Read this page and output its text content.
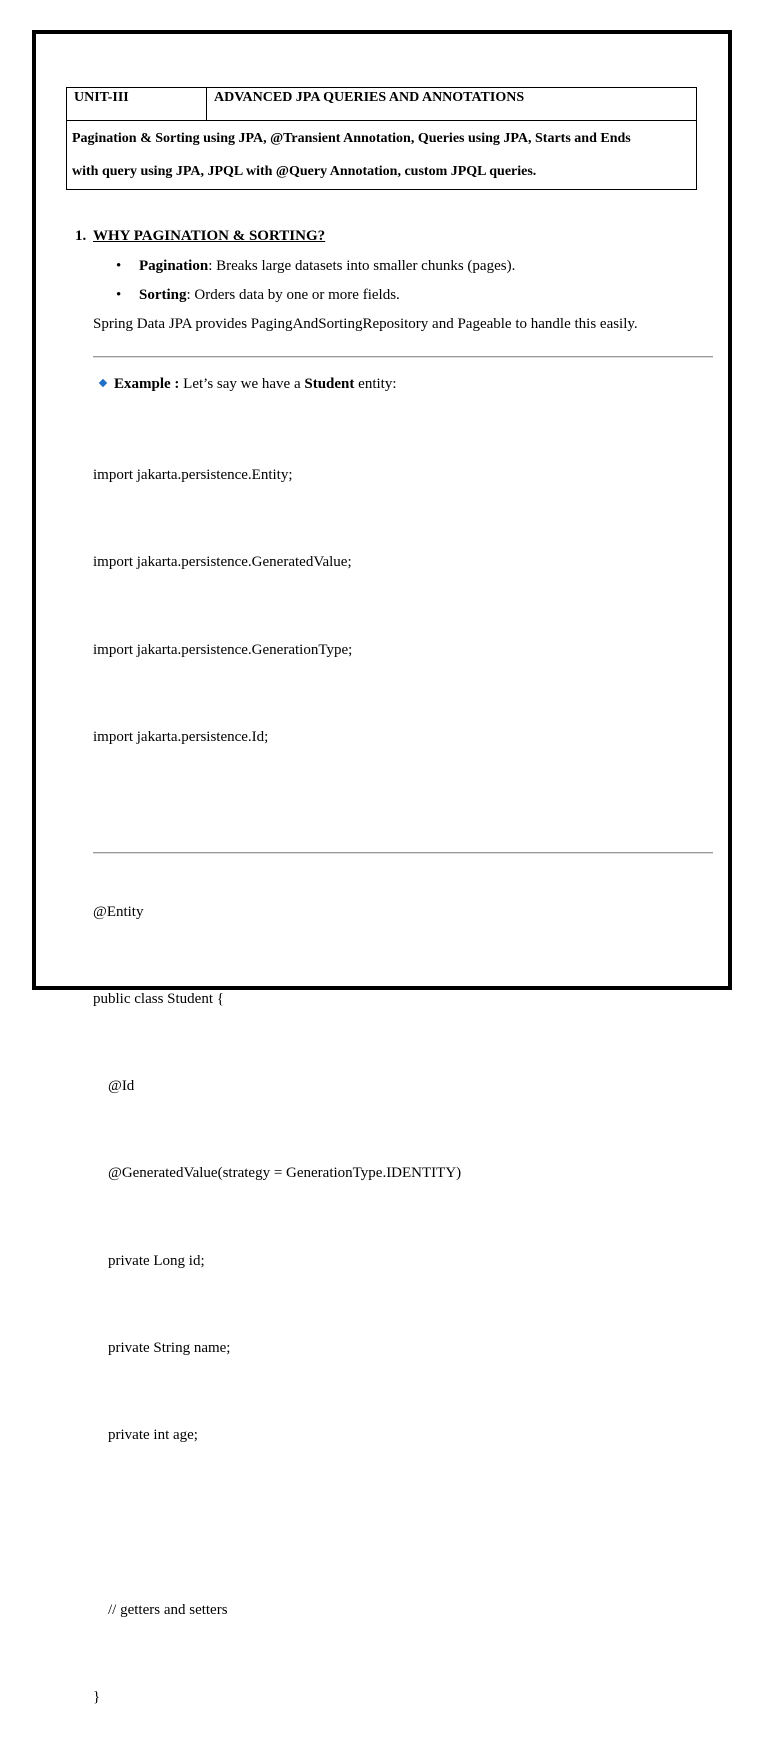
UNIT-III	ADVANCED JPA QUERIES AND ANNOTATIONS
Pagination & Sorting using JPA, @Transient Annotation, Queries using JPA, Starts and Ends
with query using JPA, JPQL with @Query Annotation, custom JPQL queries.
1. WHY PAGINATION & SORTING?
• Pagination: Breaks large datasets into smaller chunks (pages).
• Sorting: Orders data by one or more fields.
Spring Data JPA provides PagingAndSortingRepository and Pageable to handle this easily.
Example : Let’s say we have a Student entity:

import jakarta.persistence.Entity;

import jakarta.persistence.GeneratedValue;

import jakarta.persistence.GenerationType;

import jakarta.persistence.Id;

@Entity

public class Student {

@Id

@GeneratedValue(strategy = GenerationType.IDENTITY)

private Long id;

private String name;

private int age;

// getters and setters

}
